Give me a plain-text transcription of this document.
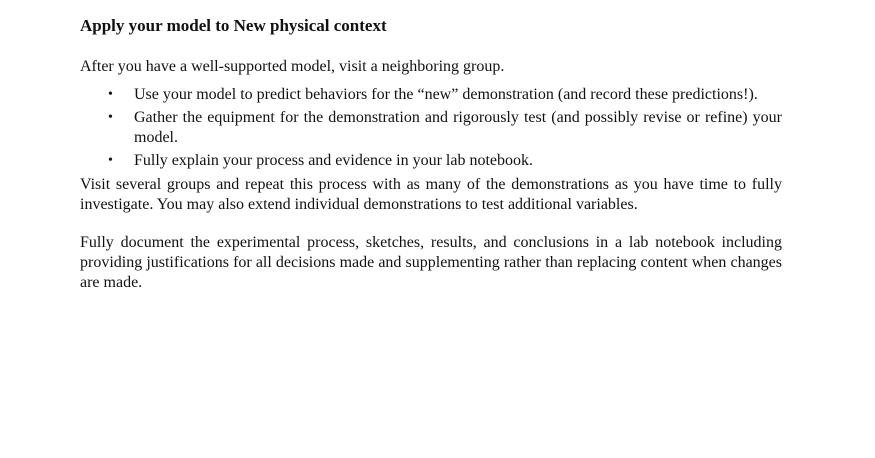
Apply your model to New physical context

After you have a well-supported model, visit a neighboring group.

• Use your model to predict behaviors for the “new” demonstration (and record these predictions!).
• Gather the equipment for the demonstration and rigorously test (and possibly revise or refine) your model.
• Fully explain your process and evidence in your lab notebook.

Visit several groups and repeat this process with as many of the demonstrations as you have time to fully investigate. You may also extend individual demonstrations to test additional variables.

Fully document the experimental process, sketches, results, and conclusions in a lab notebook including providing justifications for all decisions made and supplementing rather than replacing content when changes are made.
